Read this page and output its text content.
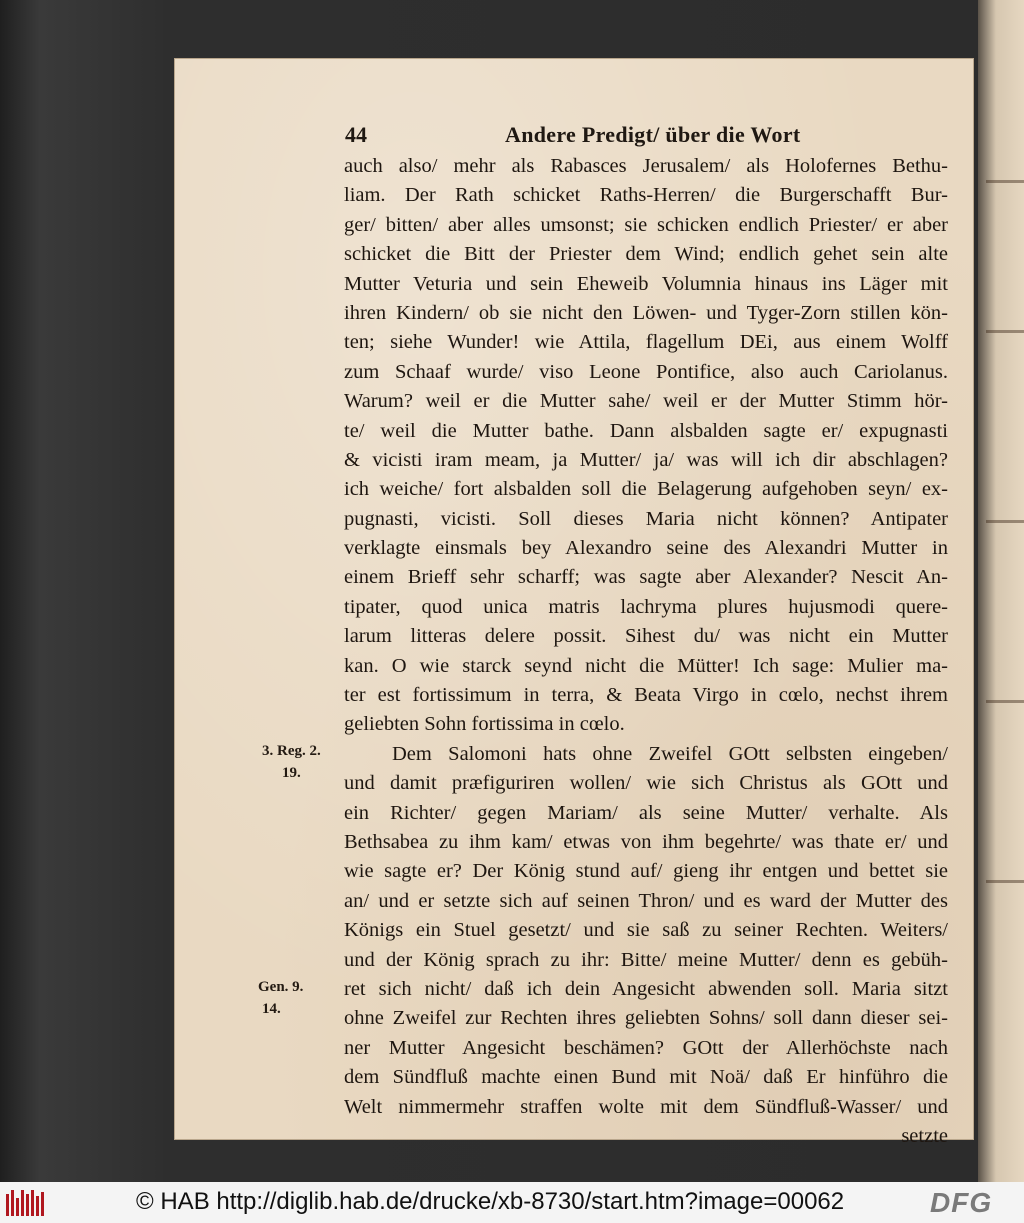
44	Andere Predigt/ über die Wort
auch also/ mehr als Rabasces Jerusalem/ als Holofernes Bethu-
liam. Der Rath schicket Raths-Herren/ die Burgerschafft Bur-
ger/ bitten/ aber alles umsonst; sie schicken endlich Priester/ er aber
schicket die Bitt der Priester dem Wind; endlich gehet sein alte
Mutter Veturia und sein Eheweib Volumnia hinaus ins Läger mit
ihren Kindern/ ob sie nicht den Löwen- und Tyger-Zorn stillen kön-
ten; siehe Wunder! wie Attila, flagellum DEi, aus einem Wolff
zum Schaaf wurde/ viso Leone Pontifice, also auch Cariolanus.
Warum? weil er die Mutter sahe/ weil er der Mutter Stimm hör-
te/ weil die Mutter bathe. Dann alsbalden sagte er/ expugnasti
& vicisti iram meam, ja Mutter/ ja/ was will ich dir abschlagen?
ich weiche/ fort alsbalden soll die Belagerung aufgehoben seyn/ ex-
pugnasti, vicisti. Soll dieses Maria nicht können? Antipater
verklagte einsmals bey Alexandro seine des Alexandri Mutter in
einem Brieff sehr scharff; was sagte aber Alexander? Nescit An-
tipater, quod unica matris lachryma plures hujusmodi quere-
larum litteras delere possit. Sihest du/ was nicht ein Mutter
kan. O wie starck seynd nicht die Mütter! Ich sage: Mulier ma-
ter est fortissimum in terra, & Beata Virgo in cœlo, nechst ihrem
geliebten Sohn fortissima in cœlo.
Dem Salomoni hats ohne Zweifel GOtt selbsten eingeben/
und damit præfiguriren wollen/ wie sich Christus als GOtt und
ein Richter/ gegen Mariam/ als seine Mutter/ verhalte. Als
Bethsabea zu ihm kam/ etwas von ihm begehrte/ was thate er/ und
wie sagte er? Der König stund auf/ gieng ihr entgen und bettet sie
an/ und er setzte sich auf seinen Thron/ und es ward der Mutter des
Königs ein Stuel gesetzt/ und sie saß zu seiner Rechten. Weiters/
und der König sprach zu ihr: Bitte/ meine Mutter/ denn es gebüh-
ret sich nicht/ daß ich dein Angesicht abwenden soll. Maria sitzt
ohne Zweifel zur Rechten ihres geliebten Sohns/ soll dann dieser sei-
ner Mutter Angesicht beschämen? GOtt der Allerhöchste nach
dem Sündfluß machte einen Bund mit Noä/ daß Er hinführo die
Welt nimmermehr straffen wolte mit dem Sündfluß-Wasser/ und
setzte
3. Reg. 2.
19.
Gen. 9.
14.
© HAB http://diglib.hab.de/drucke/xb-8730/start.htm?image=00062	DFG
